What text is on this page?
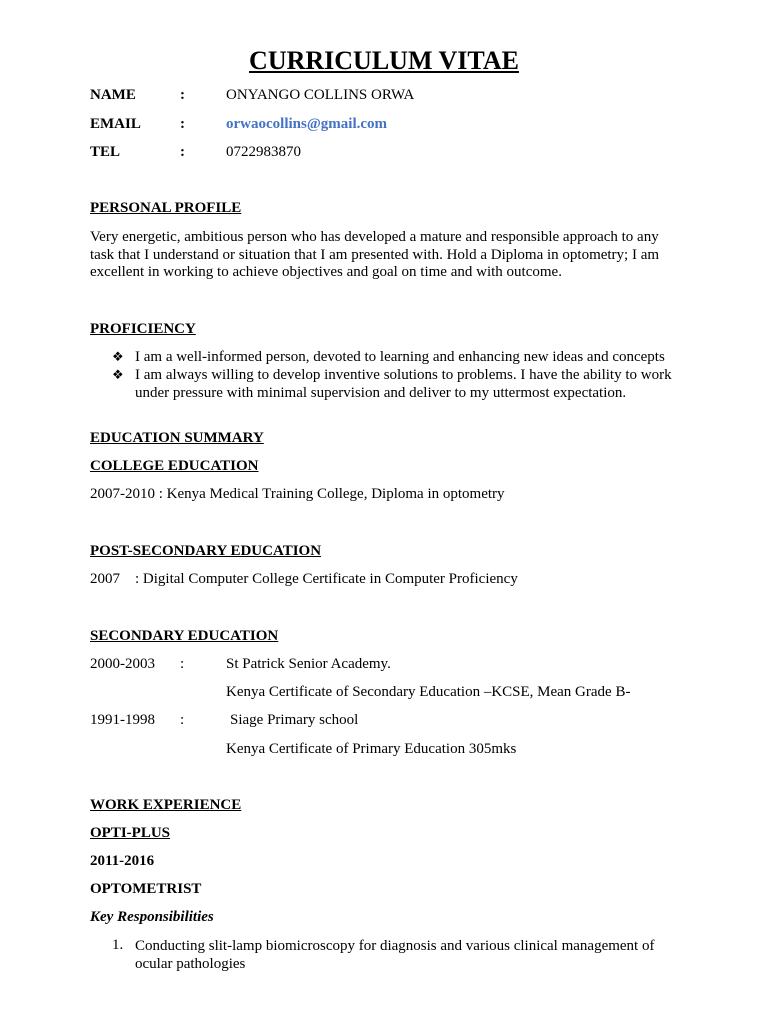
CURRICULUM VITAE
NAME	:	ONYANGO COLLINS ORWA
EMAIL	:	orwaocollins@gmail.com
TEL	:	0722983870
PERSONAL PROFILE
Very energetic, ambitious person who has developed a mature and responsible approach to any task that I understand or situation that I am presented with. Hold a Diploma in optometry; I am excellent in working to achieve objectives and goal on time and with outcome.
PROFICIENCY
❖ I am a well-informed person, devoted to learning and enhancing new ideas and concepts
❖ I am always willing to develop inventive solutions to problems. I have the ability to work under pressure with minimal supervision and deliver to my uttermost expectation.
EDUCATION SUMMARY
COLLEGE EDUCATION
2007-2010 : Kenya Medical Training College, Diploma in optometry
POST-SECONDARY EDUCATION
2007 : Digital Computer College Certificate in Computer Proficiency
SECONDARY EDUCATION
2000-2003 :	St Patrick Senior Academy.
Kenya Certificate of Secondary Education –KCSE, Mean Grade B-
1991-1998 :	Siage Primary school
Kenya Certificate of Primary Education 305mks
WORK EXPERIENCE
OPTI-PLUS
2011-2016
OPTOMETRIST
Key Responsibilities
1. Conducting slit-lamp biomicroscopy for diagnosis and various clinical management of ocular pathologies
